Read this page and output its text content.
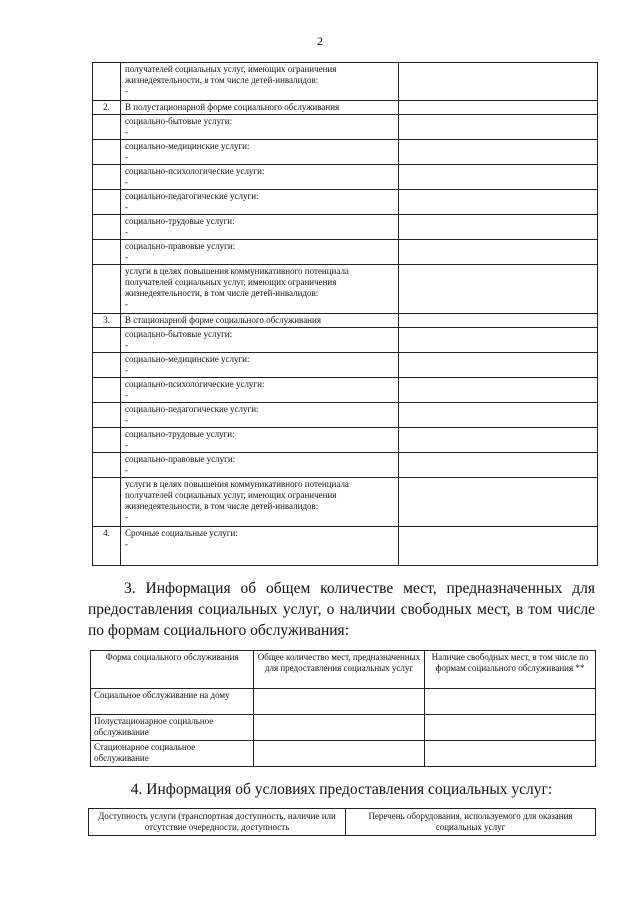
2

	получателей социальных услуг, имеющих ограничения
жизнедеятельности, в том числе детей-инвалидов:
-	

2.	В полустационарной форме социального обслуживания	

	социально-бытовые услуги:
-	

	социально-медицинские услуги:
-	

	социально-психологические услуги:
-	

	социально-педагогические услуги:
-	

	социально-трудовые услуги:
-	

	социально-правовые услуги:
-	

	услуги в целях повышения коммуникативного потенциала
получателей социальных услуг, имеющих ограничения
жизнедеятельности, в том числе детей-инвалидов:
-	

3.	В стационарной форме социального обслуживания	

	социально-бытовые услуги:
-	

	социально-медицинские услуги:
-	

	социально-психологические услуги:
-	

	социально-педагогические услуги:
-	

	социально-трудовые услуги:
-	

	социально-правовые услуги:
-	

	услуги в целях повышения коммуникативного потенциала
получателей социальных услуг, имеющих ограничения
жизнедеятельности, в том числе детей-инвалидов:
-	

4.	Срочные социальные услуги:
-	

3. Информация об общем количестве мест, предназначенных для предоставления социальных услуг, о наличии свободных мест, в том числе по формам социального обслуживания:
Форма социального обслуживания	Общее количество мест, предназначенных для предоставления социальных услуг	Наличие свободных мест, в том числе по формам социального обслуживания **
Социальное обслуживание на дому		
Полустационарное социальное обслуживание		
Стационарное социальное обслуживание		
4. Информация об условиях предоставления социальных услуг:
Доступность услуги (транспортная доступность, наличие или отсутствие очередности, доступность	Перечень оборудования, используемого для оказания социальных услуг
